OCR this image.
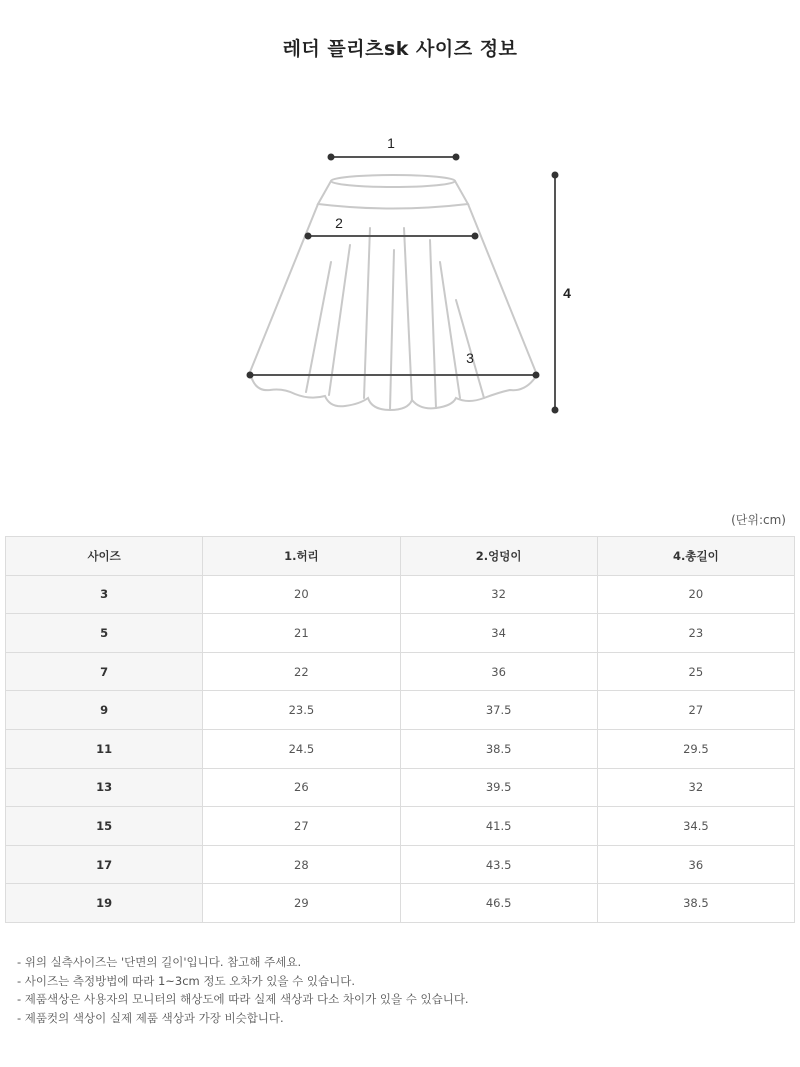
레더 플리츠sk 사이즈 정보
1
2
3
4
(단위:cm)
사이즈	1.허리	2.엉덩이	4.총길이
3	20	32	20
5	21	34	23
7	22	36	25
9	23.5	37.5	27
11	24.5	38.5	29.5
13	26	39.5	32
15	27	41.5	34.5
17	28	43.5	36
19	29	46.5	38.5
- 위의 실측사이즈는 '단면의 길이'입니다. 참고해 주세요.
- 사이즈는 측정방법에 따라 1~3cm 정도 오차가 있을 수 있습니다.
- 제품색상은 사용자의 모니터의 해상도에 따라 실제 색상과 다소 차이가 있을 수 있습니다.
- 제품컷의 색상이 실제 제품 색상과 가장 비슷합니다.
